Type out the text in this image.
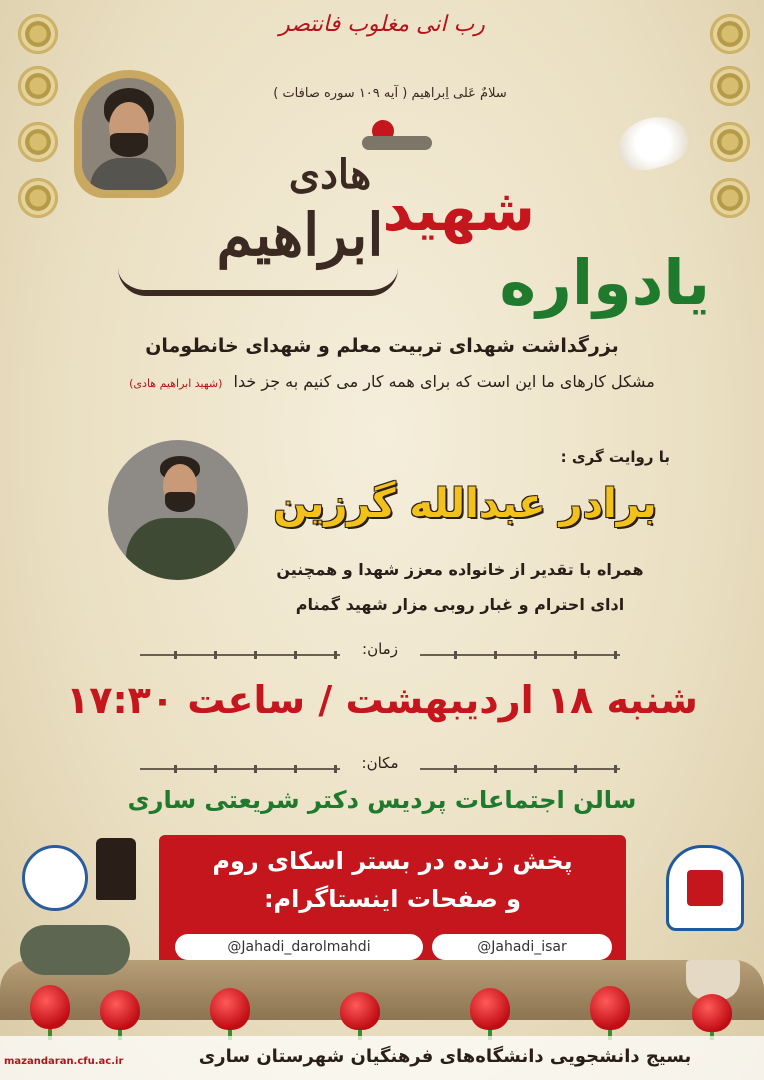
رب انی مغلوب فانتصر
سلامٌ عَلی اِبراهیم ( آیه ۱۰۹ سوره صافات )
یادواره
شهید
ابراهیم
هادی
بزرگداشت شهدای تربیت معلم و شهدای خانطومان
مشکل کارهای ما این است که برای همه کار می کنیم به جز خدا (شهید ابراهیم هادی)
با روایت گری :
برادر عبدالله گرزین
همراه با تقدیر از خانواده معزز شهدا و همچنین
ادای احترام و غبار روبی مزار شهید گمنام
زمان:
شنبه ۱۸ اردیبهشت / ساعت ۱۷:۳۰
مکان:
سالن اجتماعات پردیس دکتر شریعتی ساری
پخش زنده در بستر اسکای روم
و صفحات اینستاگرام:
@Jahadi_darolmahdi	@Jahadi_isar
بسیج دانشجویی دانشگاه‌های فرهنگیان شهرستان ساری
mazandaran.cfu.ac.ir
